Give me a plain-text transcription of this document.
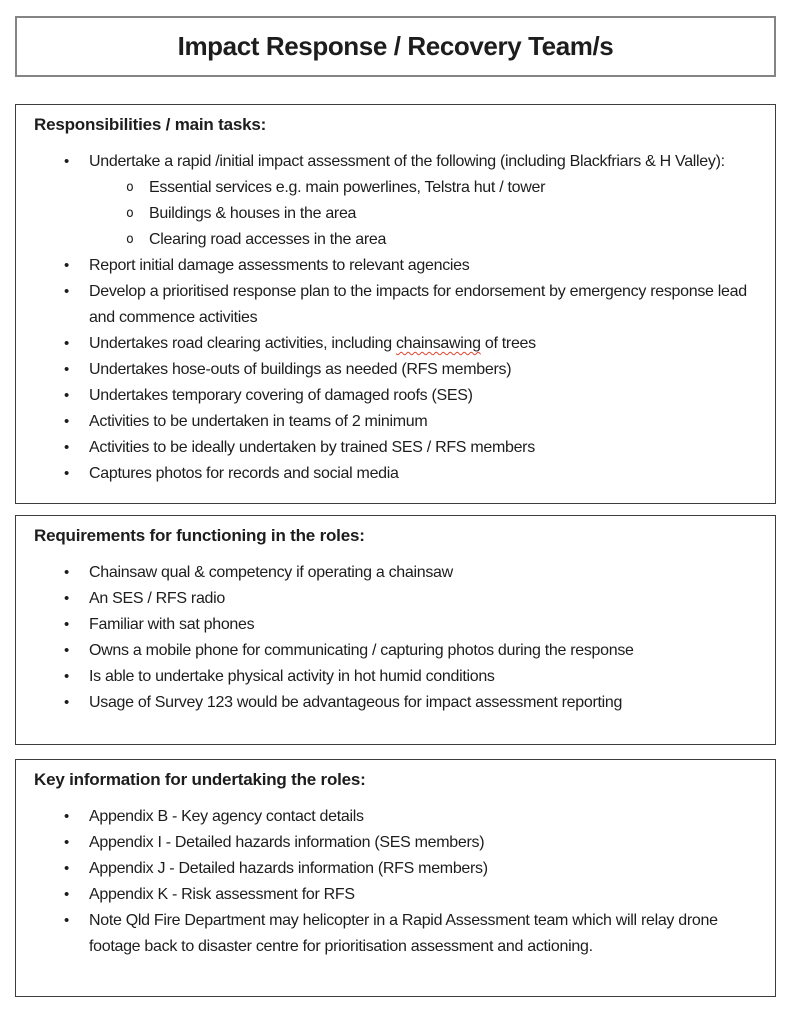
Impact Response / Recovery Team/s
Responsibilities / main tasks:
•	Undertake a rapid /initial impact assessment of the following (including Blackfriars & H Valley):
o Essential services e.g. main powerlines, Telstra hut / tower
o Buildings & houses in the area
o Clearing road accesses in the area
•	Report initial damage assessments to relevant agencies
•	Develop a prioritised response plan to the impacts for endorsement by emergency response lead and commence activities
•	Undertakes road clearing activities, including chainsawing of trees
•	Undertakes hose-outs of buildings as needed (RFS members)
•	Undertakes temporary covering of damaged roofs (SES)
•	Activities to be undertaken in teams of 2 minimum
•	Activities to be ideally undertaken by trained SES / RFS members
•	Captures photos for records and social media
Requirements for functioning in the roles:
•	Chainsaw qual & competency if operating a chainsaw
•	An SES / RFS radio
•	Familiar with sat phones
•	Owns a mobile phone for communicating / capturing photos during the response
•	Is able to undertake physical activity in hot humid conditions
•	Usage of Survey 123 would be advantageous for impact assessment reporting
Key information for undertaking the roles:
•	Appendix B - Key agency contact details
•	Appendix I - Detailed hazards information (SES members)
•	Appendix J - Detailed hazards information (RFS members)
•	Appendix K - Risk assessment for RFS
•	Note Qld Fire Department may helicopter in a Rapid Assessment team which will relay drone footage back to disaster centre for prioritisation assessment and actioning.
